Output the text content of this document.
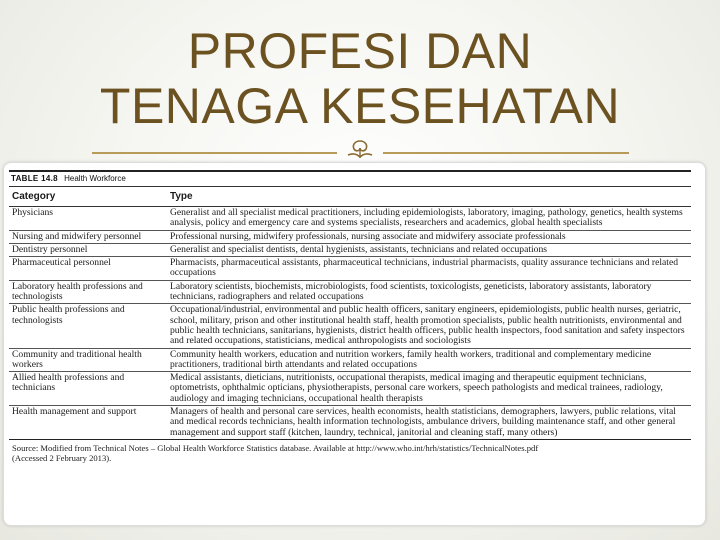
PROFESI DAN
TENAGA KESEHATAN
TABLE 14.8 Health Workforce
Category	Type
Physicians	Generalist and all specialist medical practitioners, including epidemiologists, laboratory, imaging, pathology, genetics, health systems analysis, policy and emergency care and systems specialists, researchers and academics, global health specialists
Nursing and midwifery personnel	Professional nursing, midwifery professionals, nursing associate and midwifery associate professionals
Dentistry personnel	Generalist and specialist dentists, dental hygienists, assistants, technicians and related occupations
Pharmaceutical personnel	Pharmacists, pharmaceutical assistants, pharmaceutical technicians, industrial pharmacists, quality assurance technicians and related occupations
Laboratory health professions and technologists	Laboratory scientists, biochemists, microbiologists, food scientists, toxicologists, geneticists, laboratory assistants, laboratory technicians, radiographers and related occupations
Public health professions and technologists	Occupational/industrial, environmental and public health officers, sanitary engineers, epidemiologists, public health nurses, geriatric, school, military, prison and other institutional health staff, health promotion specialists, public health nutritionists, environmental and public health technicians, sanitarians, hygienists, district health officers, public health inspectors, food sanitation and safety inspectors and related occupations, statisticians, medical anthropologists and sociologists
Community and traditional health workers	Community health workers, education and nutrition workers, family health workers, traditional and complementary medicine practitioners, traditional birth attendants and related occupations
Allied health professions and technicians	Medical assistants, dieticians, nutritionists, occupational therapists, medical imaging and therapeutic equipment technicians, optometrists, ophthalmic opticians, physiotherapists, personal care workers, speech pathologists and medical trainees, radiology, audiology and imaging technicians, occupational health therapists
Health management and support	Managers of health and personal care services, health economists, health statisticians, demographers, lawyers, public relations, vital and medical records technicians, health information technologists, ambulance drivers, building maintenance staff, and other general management and support staff (kitchen, laundry, technical, janitorial and cleaning staff, many others)
Source: Modified from Technical Notes – Global Health Workforce Statistics database. Available at http://www.who.int/hrh/statistics/TechnicalNotes.pdf
(Accessed 2 February 2013).
